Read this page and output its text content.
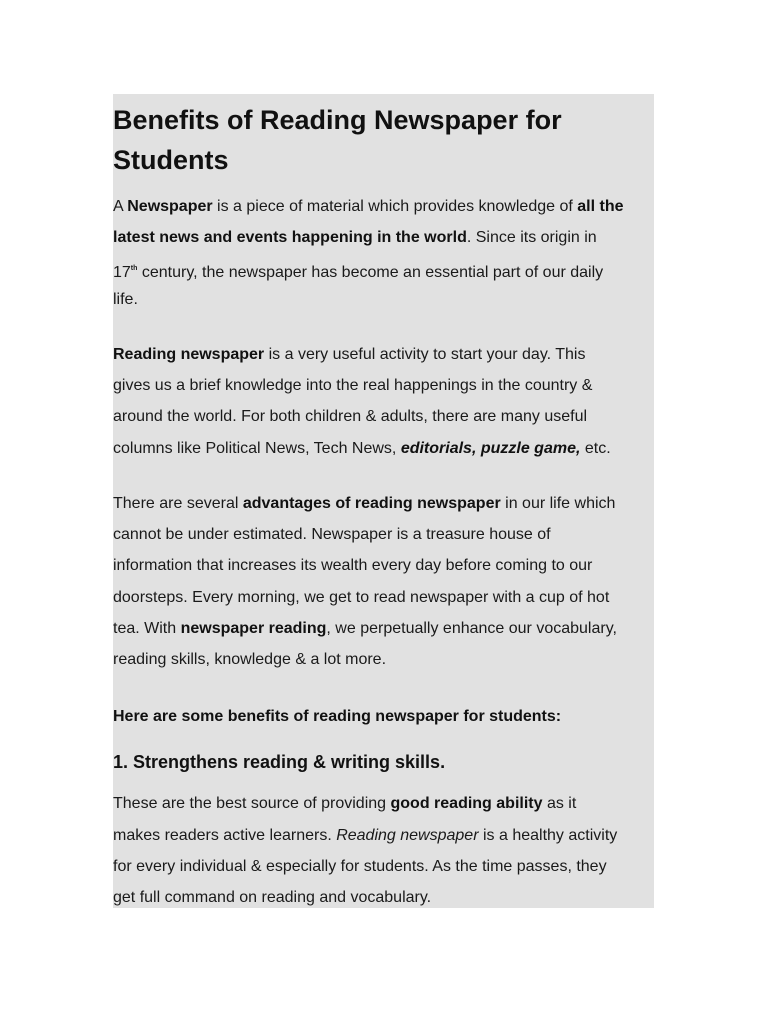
Benefits of Reading Newspaper for
Students
A Newspaper is a piece of material which provides knowledge of all the
latest news and events happening in the world. Since its origin in
17th century, the newspaper has become an essential part of our daily
life.
Reading newspaper is a very useful activity to start your day. This
gives us a brief knowledge into the real happenings in the country &
around the world. For both children & adults, there are many useful
columns like Political News, Tech News, editorials, puzzle game, etc.
There are several advantages of reading newspaper in our life which
cannot be under estimated. Newspaper is a treasure house of
information that increases its wealth every day before coming to our
doorsteps. Every morning, we get to read newspaper with a cup of hot
tea. With newspaper reading, we perpetually enhance our vocabulary,
reading skills, knowledge & a lot more.
Here are some benefits of reading newspaper for students:
1. Strengthens reading & writing skills.
These are the best source of providing good reading ability as it
makes readers active learners. Reading newspaper is a healthy activity
for every individual & especially for students. As the time passes, they
get full command on reading and vocabulary.
